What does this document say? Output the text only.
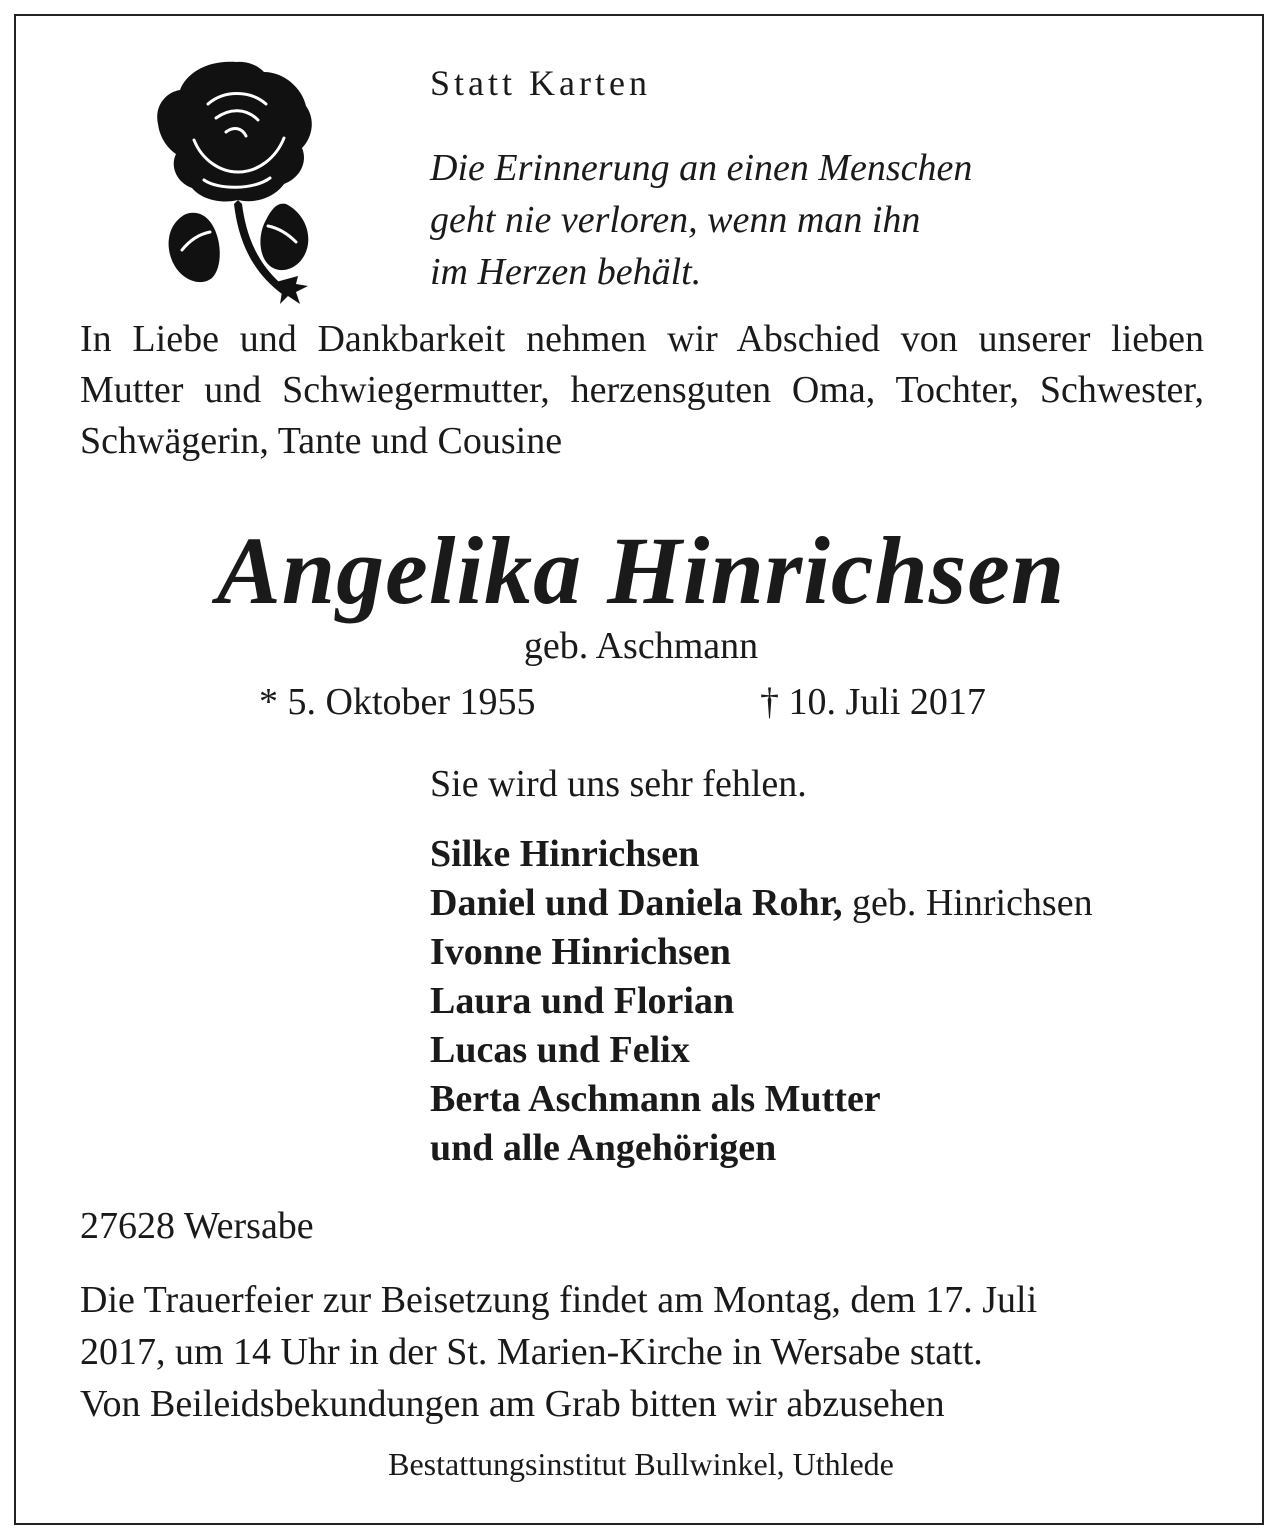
Statt Karten

Die Erinnerung an einen Menschen
geht nie verloren, wenn man ihn
im Herzen behält.

In Liebe und Dankbarkeit nehmen wir Abschied von unserer lieben Mutter und Schwiegermutter, herzensguten Oma, Tochter, Schwester, Schwägerin, Tante und Cousine

Angelika Hinrichsen

geb. Aschmann

* 5. Oktober 1955	† 10. Juli 2017

Sie wird uns sehr fehlen.

Silke Hinrichsen
Daniel und Daniela Rohr, geb. Hinrichsen
Ivonne Hinrichsen
Laura und Florian
Lucas und Felix
Berta Aschmann als Mutter
und alle Angehörigen

27628 Wersabe

Die Trauerfeier zur Beisetzung findet am Montag, dem 17. Juli
2017, um 14 Uhr in der St. Marien-Kirche in Wersabe statt.
Von Beileidsbekundungen am Grab bitten wir abzusehen

Bestattungsinstitut Bullwinkel, Uthlede
